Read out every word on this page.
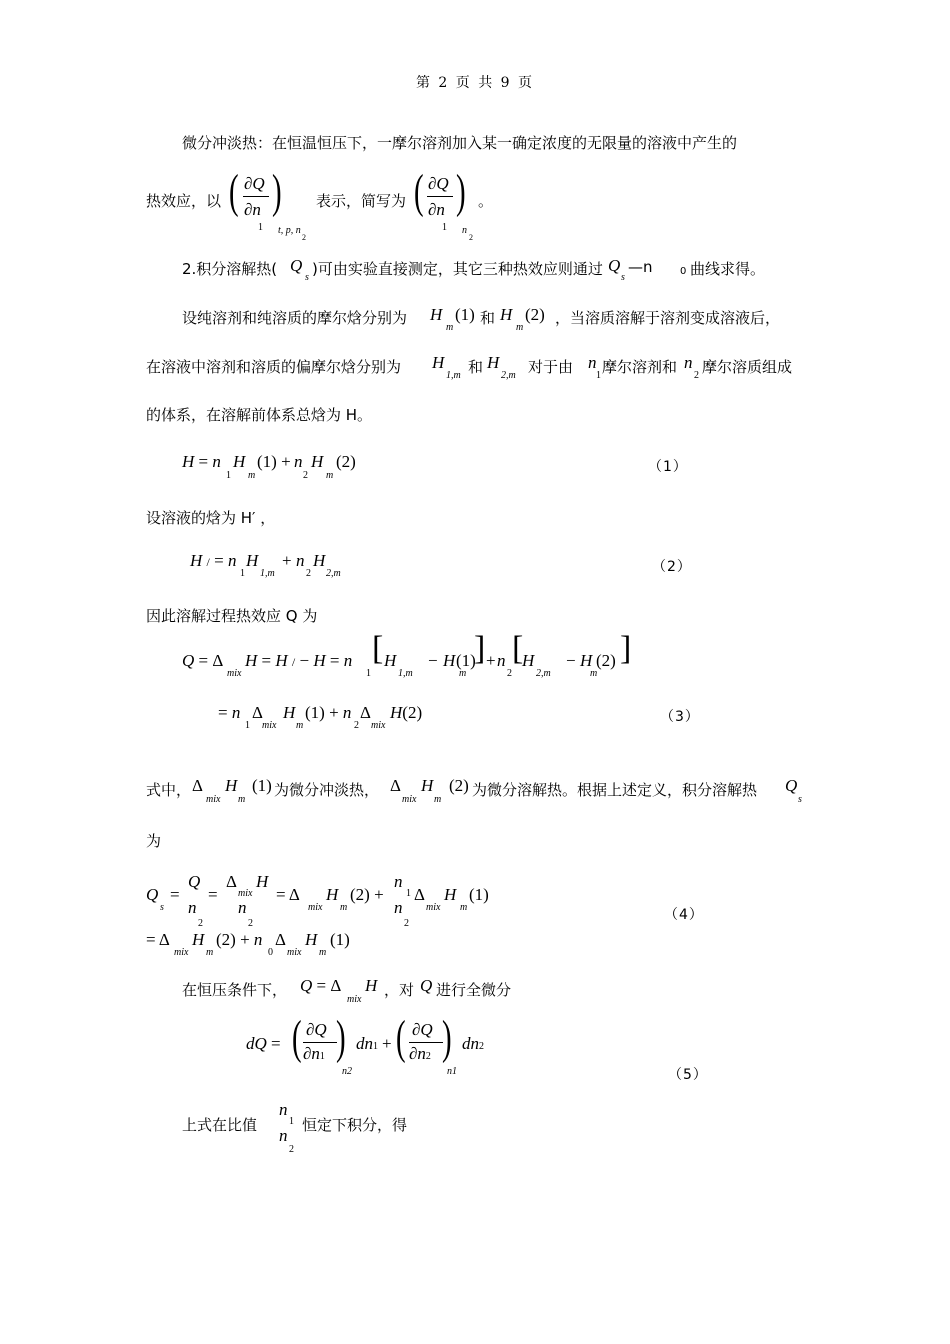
第 2 页 共 9 页
微分冲淡热：在恒温恒压下，一摩尔溶剂加入某一确定浓度的无限量的溶液中产生的
热效应，以 ( ∂Q
∂n )
1 t, p, n
2
表示，简写为 ( ∂Q
∂n )
1 n
2
。
2.积分溶解热( Q
s )可由实验直接测定，其它三种热效应则通过 Q
s
—n	0 曲线求得。
设纯溶剂和纯溶质的摩尔焓分别为 H
m
(1) 和 H
m
(2) ，当溶质溶解于溶剂变成溶液后，
在溶液中溶剂和溶质的偏摩尔焓分别为 H
1,m 和 H
2,m 对于由 n
1 摩尔溶剂和 n
2 摩尔溶质组成
的体系，在溶解前体系总焓为 H。
H = n
1
H
m
(1) + n
2
H
m
(2)	（1）
设溶液的焓为 H′ ，
H / = n
1
H
1,m
+ n
2
H
2,m	（2）
因此溶解过程热效应 Q 为
Q = Δ
mix
H = H / − H = n
1
[ H
1,m
− H
m
(1)
] + n
2
[
H
2,m
− H
m
(2) ]
= n
1
Δ
mix
H
m
(1) + n
2
Δ
mix
H(2)	（3）
式中， Δ
mix
H
m
(1) 为微分冲淡热， Δ
mix
H
m
(2) 为微分溶解热。根据上述定义，积分溶解热 Q
s
为
Q
s
=
Q
n
2
=
Δ
mix
H
n
2
= Δ
mix
H
m
(2) +
n
1
n
2
Δ
mix
H
m
(1)
= Δ
mix
H
m
(2) + n
0
Δ
mix
H
m
(1)
（4）
在恒压条件下， Q = Δ
mix
H ，对 Q 进行全微分
dQ = ( ∂Q
∂n1 )
n2
dn1 + ( ∂Q
∂n2 )
n1
dn2
（5）
上式在比值
n
1
n
2
恒定下积分，得
